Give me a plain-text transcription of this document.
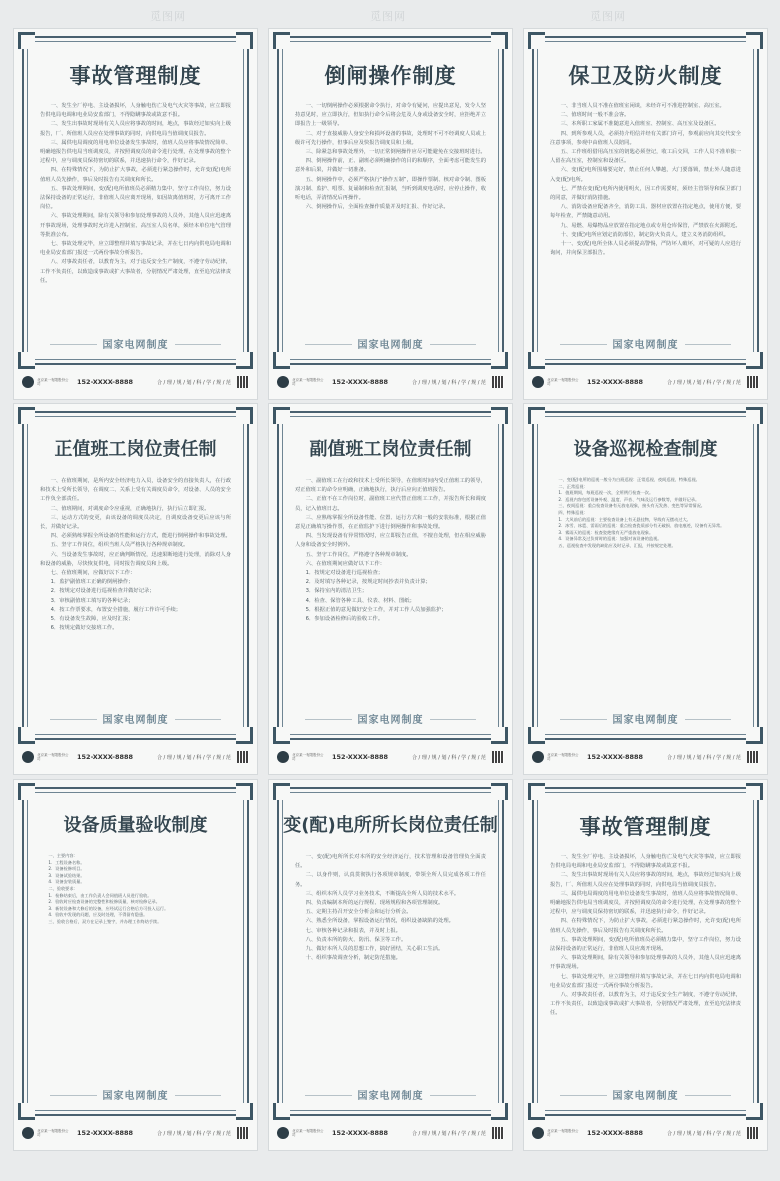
觅图网	觅图网	觅图网
事故管理制度

一、发生全厂停电、主设备损坏，人身触电伤亡及电气火灾等事故，应立即报告供电局电调和电业局安监部门，不得隐瞒事故或故意不报。

二、发生出事故时现场有关人员应将事故的时间，地点，事故经过如实向上级报告，厂、所值班人员应在处理事故的同时，向供电局当值调度员报告。

三、属供电局调度的用电单位设备发生事故时，值班人员应将事故情况简单、明确地报告供电局当班调度员，并按照调度员的命令进行处理，在处理事故的整个过程中，应与调度员保持密切的联系，并迅速执行命令，作好记录。

四、在特殊情况下，为防止扩大事故，必须进行紧急操作时，允许变(配)电所值班人员先操作，事后及时报告有关调度和所长。

五、事故处理期间，变(配)电所值班员必须精力集中，坚守工作岗位，努力设法保持设备的正常运行，非值班人员应离开现场，如因故离值班时，方可离开工作岗位。

六、事故处理期间，除有关领导和参加处理事故的人员外，其他人员应迅速离开事故现场，处理事故时允许进入控制室、高压室人员名单，须经本单位电气管理等批准公布。

七、事故处理完毕，应立即整理并填写事故记录，并在七日内向供电局电调和电业局安监部门报送一式两份事故分析报告。

八、对事故责任者，以教育为主，对于违反安全生产制度，不遵守劳动纪律，工作不负责任，以致造成事故或扩大事故者，分别情况严肃处理，直至追究法律责任。

国家电网制度
北京某一有限股份公司	152-XXXX-8888	合 / 理 / 规 / 划 / 科 / 学 / 规 / 范
倒闸操作制度

一、一切倒闸操作必须根据命令执行，对命令有疑问，应提出意见，发令人坚持意见时，应立即执行，但如执行命令后将会危及人身或设备安全时，应拒绝并立即报告上一级领导。

二、对于直接威胁人身安全和损坏设备的事故，处理时不可不经调度人员或上级许可先行操作，但事后应及快报告调度员和上级。

三、除紧急和事故处理外，一切正常倒闸操作应尽可能避免在交接班时进行。

四、倒闸操作前，正、副班必须明确操作的目的和顺序，全面考虑可能发生的意外和后果，并做好一切准备。

五、倒闸操作中，必须严格执行“操作五制”，即操作票制、核对命令制、图板演习制、监护、唱票、复诵制和检查汇报制，当听到调度电话时，应停止操作，收听电话，弄清情况后再操作。

六、倒闸操作后，全面检查操作质量并及时汇报、作好记录。

国家电网制度
北京某一有限股份公司	152-XXXX-8888	合 / 理 / 规 / 划 / 科 / 学 / 规 / 范
保卫及防火制度

一、非当班人员不准在值班室闲谈，未经许可不准进控制室、高压室。

二、值班时间一般不准会客。

三、本所职工家属不准随意进入值班室、控制室、高压室及设备区。

四、到所参观人员，必须持介绍信并经有关部门许可，参观前应向其交代安全注意事项，参观中由值班人员陪同。

五、工作班组借用高压室的钥匙必须登记，收工后交回，工作人员不准单独一人留在高压室，控制室和设备区。

六、变(配)电所围墙要完好，禁止任何人攀越，大门要落锁，禁止外人随意进入变(配)电所。

七、严禁在变(配)电所内使用明火，因工作需要时，须经主管领导和保卫部门的同意，并做好消防措施。

八、消防设备应配备齐全，消防工具、器材应放置在指定地点，使用方便，要每年检查，严禁随意动用。

九、易燃、易爆物品应放置在指定地点或专用仓库保管，严禁放在火源附近。

十、变(配)电所应划定消防部位，制定防火负责人，建立义务消防组织。

十一、变(配)电所全体人员必须提高警惕，严防坏人破坏，对可疑的人应进行询问，并向保卫部报告。

国家电网制度
北京某一有限股份公司	152-XXXX-8888	合 / 理 / 规 / 划 / 科 / 学 / 规 / 范
正值班工岗位责任制

一、在值班期间，是所内安全经济电力入员，设备安全的直接负责人，在行政和技术上受所长领导，在调度二、关系上受有关调度员命令，对设备、人员的安全工作负全部责任。

二、值班期间，对调度命令应重视，正确地执行，执行后立即汇报。

三、运动方式的变更，由该设备的调度员决定，自调度设备变更后应该与所长，并做好记录。

四、必须熟练掌握全所设备的性能和运行方式，能进行倒闸操作和事故处理。

五、坚守工作岗位，组织当班人员严格执行各种规章制度。

六、当设备发生事故时，应正确判断情况，迅速果断地进行处理，消除对人身和设备的威胁，尽快恢复供电，同时报告调度员和上级。

七、在值班期间，应做好以下工作：

1．监护副值班工正确的倒闸操作；

2．按规定对设备进行巡视检查并做好记录；

3．审核副值班工填写的各种记录；

4．按工作票要求，布置安全措施，履行工作许可手续；

5．有设备发生故障，应及时汇报；

6．按规定做好交接班工作。

国家电网制度
北京某一有限股份公司	152-XXXX-8888	合 / 理 / 规 / 划 / 科 / 学 / 规 / 范
副值班工岗位责任制

一、副值班工在行政和技术上受所长领导，在值班时间内受正值班工的领导，对正值班工的命令应明确，正确地执行，执行后应向正值班报告。

二、正值不在工作岗位时，副值班工应代替正值班工工作，并报告所长和调度员，记入值班日志。

三、应熟练掌握全所设备性能、位置、运行方式和一般的安装标准，根据正值意见正确填写操作票，在正值监护下进行倒闸操作和事故处理。

四、当发现设备有异常情况时，应立即报告正值，不擅自处理，但在相应威胁人身和设备安全时例外。

五、坚守工作岗位，严格遵守各种规章制度。

六、在值班期间应做好以下工作：

1．按规定对设备进行巡视检查；

2．及时填写各种记录，按规定时间抄表并负责计算；

3．保持室内的清洁卫生；

4．检查、保管各种工具、仪表、材料、图纸；

5．根据正值的意见做好安全工作，并对工作人员加强监护；

6．参加设备检修后的验收工作。

国家电网制度
北京某一有限股份公司	152-XXXX-8888	合 / 理 / 规 / 划 / 科 / 学 / 规 / 范
设备巡视检查制度

一、变(配)电所的巡视一般分为白班巡视：正常巡视、夜间巡视、特殊巡视。

二、正常巡视：

1．值班期间，每班巡视一次，全所例行检查一次。

2．巡视内容包括设备外观、温度、声音、气味及运行参数等，并做好记录。

三、夜间巡视：重点检查设备有无放电现象，接头有无发热、变色等异常情况。

四、特殊巡视：

1．大风前后的巡视：主要检查设备上有无悬挂物，导线有无摆动过大。

2．冰雪、冰雹、雷雨后的巡视：重点检查瓷质部分有无破损、放电痕迹，设备有无异常。

3．雾雨天的巡视：检查瓷绝缘有无严重放电现象。

4．设备异常及过负荷时的巡视：加强对该设备的监视。

五、巡视检查中发现的缺陷应及时记录、汇报，并按规定处理。

国家电网制度
北京某一有限股份公司	152-XXXX-8888	合 / 理 / 规 / 划 / 科 / 学 / 规 / 范
设备质量验收制度

一、主要内容：

1．工程设备名称。

2．设备检修项目。

3．设备试验结果。

4．设备安装质量。

二、验收要求：

1．检修结束后，由工作负责人会同值班人员进行验收。

2．验收时应检查设备的完整性和检修质量，核对检修记录。

3．新装设备和大修后的设备，应经试运行合格后方可投入运行。

4．验收中发现的问题，应及时处理，不得留有隐患。

三、验收合格后，双方在记录上签字，并办理工作终结手续。

国家电网制度
北京某一有限股份公司	152-XXXX-8888	合 / 理 / 规 / 划 / 科 / 学 / 规 / 范
变(配)电所所长岗位责任制

一、变(配)电所所长对本所的安全经济运行，技术管理和设备管理负全面责任。

二、以身作则，认真贯彻执行各项规章制度，带领全所人员完成各项工作任务。

三、组织本所人员学习业务技术，不断提高全所人员的技术水平。

四、负责编制本所的运行规程、现场规程和各项管理制度。

五、定期主持召开安全分析会和运行分析会。

六、熟悉全所设备，掌握设备运行情况，组织设备缺陷的处理。

七、审核各种记录和报表，并及时上报。

八、负责本所的防火、防汛、保卫等工作。

九、做好本所人员的思想工作，搞好团结，关心职工生活。

十、组织事故调查分析，制定防范措施。

国家电网制度
北京某一有限股份公司	152-XXXX-8888	合 / 理 / 规 / 划 / 科 / 学 / 规 / 范
事故管理制度

一、发生全厂停电、主设备损坏，人身触电伤亡及电气火灾等事故，应立即报告供电局电调和电业局安监部门，不得隐瞒事故或故意不报。

二、发生出事故时现场有关人员应将事故的时间，地点，事故经过如实向上级报告，厂、所值班人员应在处理事故的同时，向供电局当值调度员报告。

三、属供电局调度的用电单位设备发生事故时，值班人员应将事故情况简单、明确地报告供电局当班调度员，并按照调度员的命令进行处理，在处理事故的整个过程中，应与调度员保持密切的联系，并迅速执行命令，作好记录。

四、在特殊情况下，为防止扩大事故，必须进行紧急操作时，允许变(配)电所值班人员先操作，事后及时报告有关调度和所长。

五、事故处理期间，变(配)电所值班员必须精力集中，坚守工作岗位，努力设法保持设备的正常运行，非值班人员应离开现场。

六、事故处理期间，除有关领导和参加处理事故的人员外，其他人员应迅速离开事故现场。

七、事故处理完毕，应立即整理并填写事故记录，并在七日内向供电局电调和电业局安监部门报送一式两份事故分析报告。

八、对事故责任者，以教育为主，对于违反安全生产制度，不遵守劳动纪律，工作不负责任，以致造成事故或扩大事故者，分别情况严肃处理，直至追究法律责任。

国家电网制度
北京某一有限股份公司	152-XXXX-8888	合 / 理 / 规 / 划 / 科 / 学 / 规 / 范
